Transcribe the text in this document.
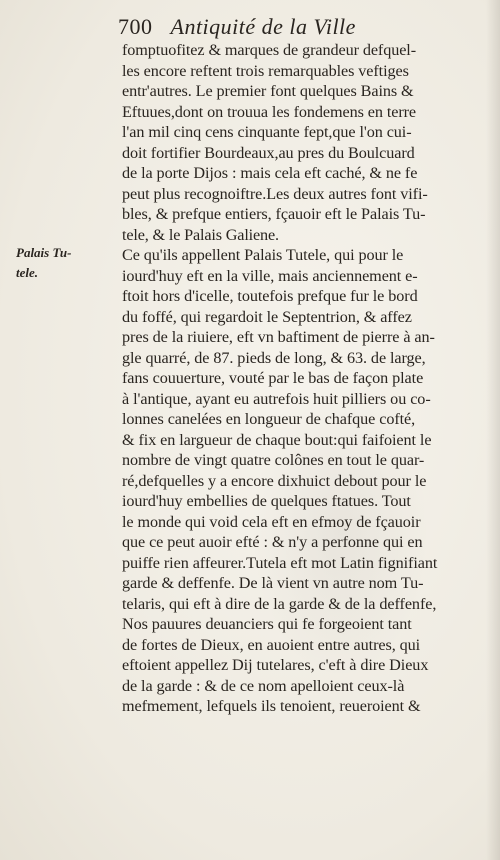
700 Antiquité de la Ville
Palais Tu-
tele.
fomptuofitez & marques de grandeur defquel-
les encore reftent trois remarquables veftiges
entr'autres. Le premier font quelques Bains &
Eftuues,dont on trouua les fondemens en terre
l'an mil cinq cens cinquante fept,que l'on cui-
doit fortifier Bourdeaux,au pres du Boulcuard
de la porte Dijos : mais cela eft caché, & ne fe
peut plus recognoiftre.Les deux autres font vifi-
bles, & prefque entiers, fçauoir eft le Palais Tu-
tele, & le Palais Galiene.
Ce qu'ils appellent Palais Tutele, qui pour le
iourd'huy eft en la ville, mais anciennement e-
ftoit hors d'icelle, toutefois prefque fur le bord
du foffé, qui regardoit le Septentrion, & affez
pres de la riuiere, eft vn baftiment de pierre à an-
gle quarré, de 87. pieds de long, & 63. de large,
fans couuerture, vouté par le bas de façon plate
à l'antique, ayant eu autrefois huit pilliers ou co-
lonnes canelées en longueur de chafque cofté,
& fix en largueur de chaque bout:qui faifoient le
nombre de vingt quatre colônes en tout le quar-
ré,defquelles y a encore dixhuict debout pour le
iourd'huy embellies de quelques ftatues. Tout
le monde qui void cela eft en efmoy de fçauoir
que ce peut auoir efté : & n'y a perfonne qui en
puiffe rien affeurer.Tutela eft mot Latin fignifiant
garde & deffenfe. De là vient vn autre nom Tu-
telaris, qui eft à dire de la garde & de la deffenfe,
Nos pauures deuanciers qui fe forgeoient tant
de fortes de Dieux, en auoient entre autres, qui
eftoient appellez Dij tutelares, c'eft à dire Dieux
de la garde : & de ce nom apelloient ceux-là
mefmement, lefquels ils tenoient, reueroient &
